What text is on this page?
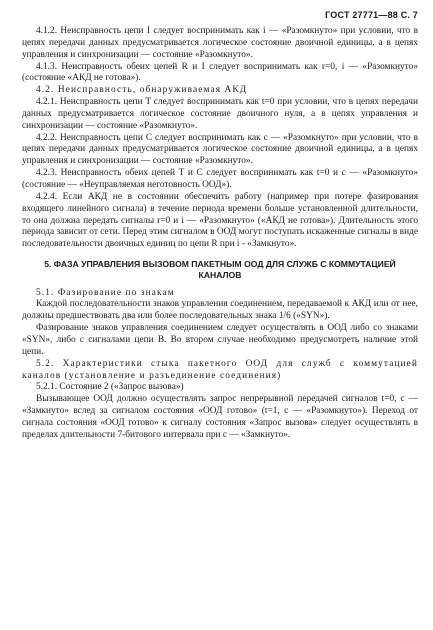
ГОСТ 27771—88 С. 7

4.1.2. Неисправность цепи I следует воспринимать как i — «Разомкнуто» при условии, что в цепях передачи данных предусматривается логическое состояние двоичной единицы, а в цепях управления и синхронизации — состояние «Разомкнуто».

4.1.3. Неисправность обеих цепей R и I следует воспринимать как r=0, i — «Разомкнуто» (состояние «АКД не готова»).

4.2. Неисправность, обнаруживаемая АКД

4.2.1. Неисправность цепи T следует воспринимать как t=0 при условии, что в цепях передачи данных предусматривается логическое состояние двоичного нуля, а в цепях управления и синхронизации — состояние «Разомкнуто».

4.2.2. Неисправность цепи C следует воспринимать как c — «Разомкнуто» при условии, что в цепях передачи данных предусматривается логическое состояние двоичной единицы, а в цепях управления и синхронизации — состояние «Разомкнуто».

4.2.3. Неисправность обеих цепей T и C следует воспринимать как t=0 и c — «Разомкнуто» (состояние — «Неуправляемая неготовность ООД»).

4.2.4. Если АКД не в состоянии обеспечить работу (например при потере фазирования входящего линейного сигнала) в течение периода времени больше установленной длительности, то она должна передать сигналы r=0 и i — «Разомкнуто» («АКД не готова»). Длительность этого периода зависит от сети. Перед этим сигналом в ООД могут поступать искаженные сигналы в виде последовательности двоичных единиц по цепи R при i - «Замкнуто».

5. ФАЗА УПРАВЛЕНИЯ ВЫЗОВОМ ПАКЕТНЫМ ООД ДЛЯ СЛУЖБ С КОММУТАЦИЕЙ КАНАЛОВ

5.1. Фазирование по знакам

Каждой последовательности знаков управления соединением, передаваемой к АКД или от нее, должны предшествовать два или более последовательных знака 1/6 («SYN»).

Фазирование знаков управления соединением следует осуществлять в ООД либо со знаками «SYN», либо с сигналами цепи B. Во втором случае необходимо предусмотреть наличие этой цепи.

5.2. Характеристики стыка пакетного ООД для служб с коммутацией каналов (установление и разъединение соединения)

5.2.1. Состояние 2 («Запрос вызова»)

Вызывающее ООД должно осуществлять запрос непрерывной передачей сигналов t=0, c — «Замкнуто» вслед за сигналом состояния «ООД готово» (t=1, c — «Разомкнуто»). Переход от сигнала состояния «ООД готово» к сигналу состояния «Запрос вызова» следует осуществлять в пределах длительности 7-битового интервала при c — «Замкнуто».
